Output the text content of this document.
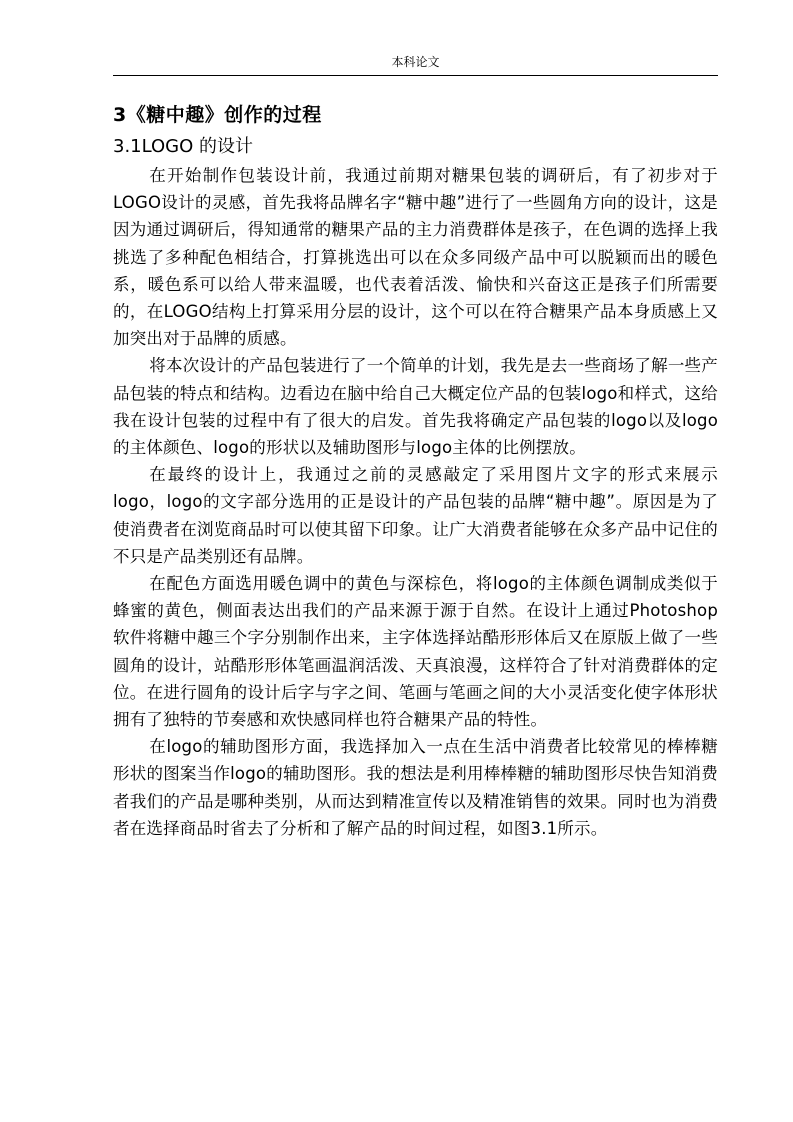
本科论文
3《糖中趣》创作的过程
3.1LOGO 的设计

在开始制作包装设计前，我通过前期对糖果包装的调研后，有了初步对于LOGO设计的灵感，首先我将品牌名字“糖中趣”进行了一些圆角方向的设计，这是因为通过调研后，得知通常的糖果产品的主力消费群体是孩子，在色调的选择上我挑选了多种配色相结合，打算挑选出可以在众多同级产品中可以脱颖而出的暖色系，暖色系可以给人带来温暖，也代表着活泼、愉快和兴奋这正是孩子们所需要的，在LOGO结构上打算采用分层的设计，这个可以在符合糖果产品本身质感上又加突出对于品牌的质感。

将本次设计的产品包装进行了一个简单的计划，我先是去一些商场了解一些产品包装的特点和结构。边看边在脑中给自己大概定位产品的包装logo和样式，这给我在设计包装的过程中有了很大的启发。首先我将确定产品包装的logo以及logo的主体颜色、logo的形状以及辅助图形与logo主体的比例摆放。

在最终的设计上，我通过之前的灵感敲定了采用图片文字的形式来展示logo，logo的文字部分选用的正是设计的产品包装的品牌“糖中趣”。原因是为了使消费者在浏览商品时可以使其留下印象。让广大消费者能够在众多产品中记住的不只是产品类别还有品牌。

在配色方面选用暖色调中的黄色与深棕色，将logo的主体颜色调制成类似于蜂蜜的黄色，侧面表达出我们的产品来源于源于自然。在设计上通过Photoshop软件将糖中趣三个字分别制作出来，主字体选择站酷形形体后又在原版上做了一些圆角的设计，站酷形形体笔画温润活泼、天真浪漫，这样符合了针对消费群体的定位。在进行圆角的设计后字与字之间、笔画与笔画之间的大小灵活变化使字体形状拥有了独特的节奏感和欢快感同样也符合糖果产品的特性。

在logo的辅助图形方面，我选择加入一点在生活中消费者比较常见的棒棒糖形状的图案当作logo的辅助图形。我的想法是利用棒棒糖的辅助图形尽快告知消费者我们的产品是哪种类别，从而达到精准宣传以及精准销售的效果。同时也为消费者在选择商品时省去了分析和了解产品的时间过程，如图3.1所示。
